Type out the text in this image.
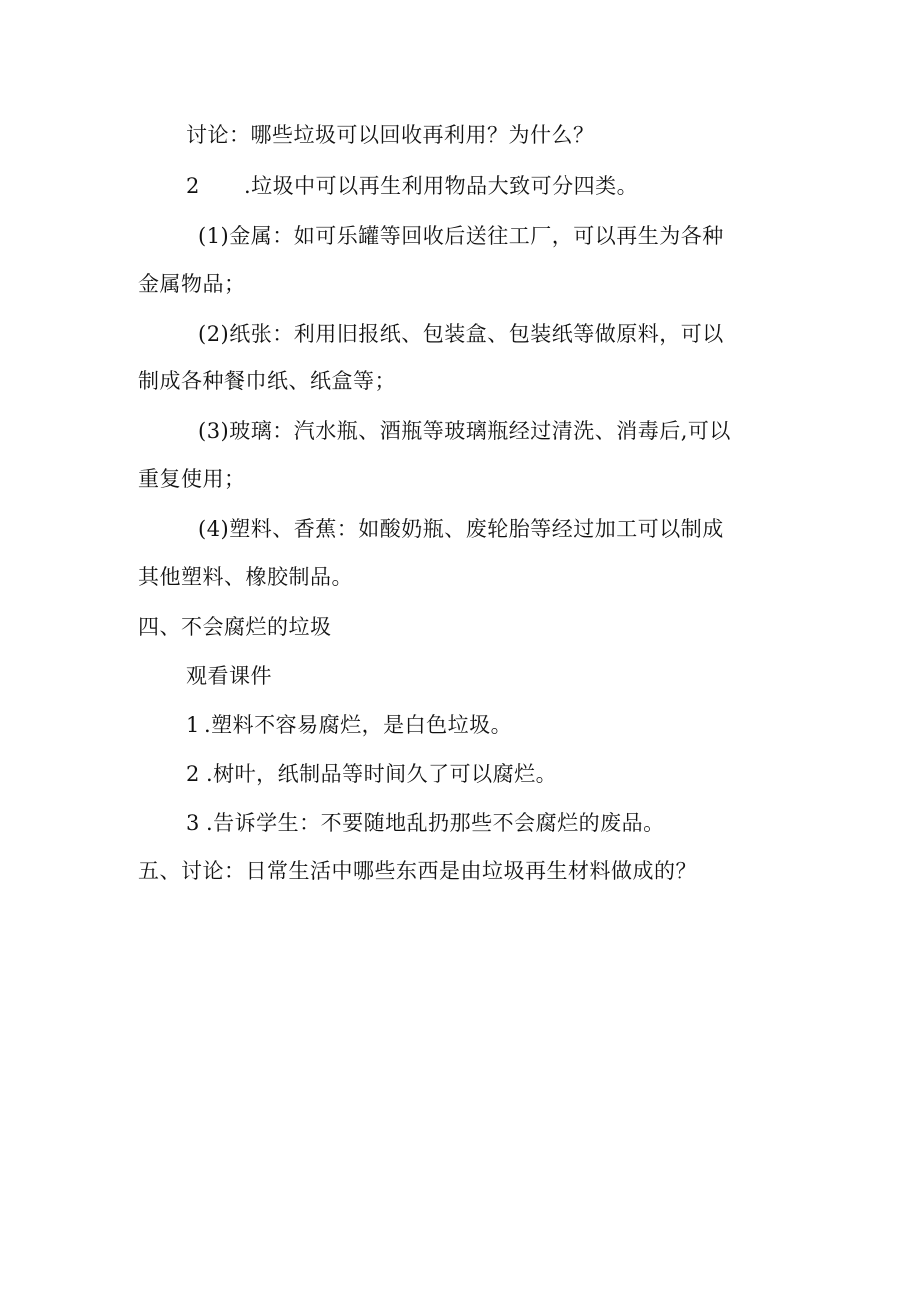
讨论：哪些垃圾可以回收再利用？为什么？
2 .垃圾中可以再生利用物品大致可分四类。
(1)金属：如可乐罐等回收后送往工厂，可以再生为各种
金属物品；
(2)纸张：利用旧报纸、包装盒、包装纸等做原料，可以
制成各种餐巾纸、纸盒等；
(3)玻璃：汽水瓶、酒瓶等玻璃瓶经过清洗、消毒后,可以
重复使用；
(4)塑料、香蕉：如酸奶瓶、废轮胎等经过加工可以制成
其他塑料、橡胶制品。
四、不会腐烂的垃圾
观看课件
1 .塑料不容易腐烂，是白色垃圾。
2 .树叶，纸制品等时间久了可以腐烂。
3 .告诉学生：不要随地乱扔那些不会腐烂的废品。
五、讨论：日常生活中哪些东西是由垃圾再生材料做成的？
